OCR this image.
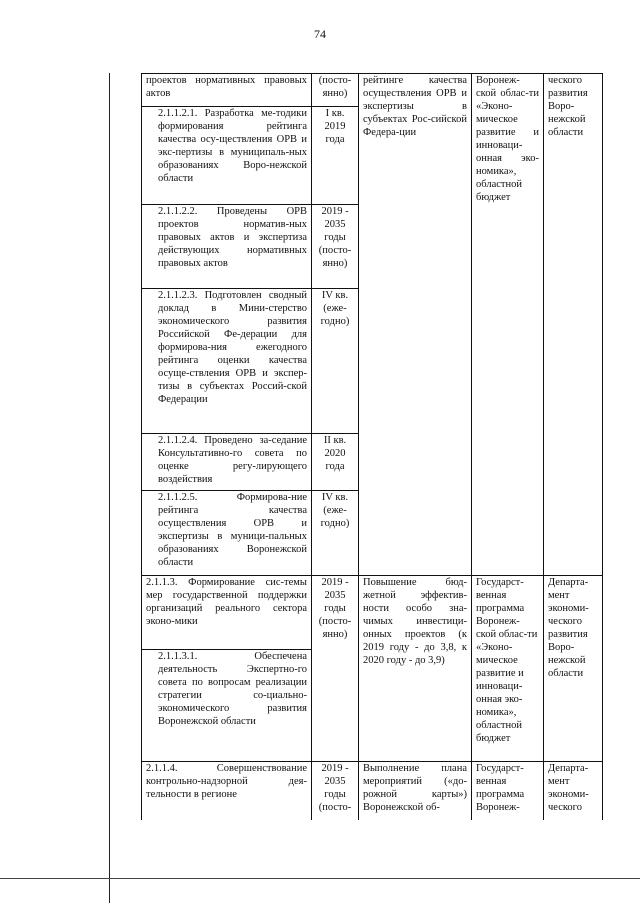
74
проектов нормативных правовых актов	(посто-янно)	рейтинге качества осуществления ОРВ и экспертизы в субъектах Рос-сийской Федера-ции	Воронеж-ской облас-ти «Эконо-мическое развитие и инноваци-онная эко-номика», областной бюджет	ческого развития Воро-нежской области

2.1.1.2.1. Разработка ме-тодики формирования рейтинга качества осу-ществления ОРВ и экс-пертизы в муниципаль-ных образованиях Воро-нежской области	I кв. 2019 года			
2.1.1.2.2. Проведены ОРВ проектов норматив-ных правовых актов и экспертиза действующих нормативных правовых актов	2019 - 2035 годы (посто-янно)			
2.1.1.2.3. Подготовлен сводный доклад в Мини-стерство экономического развития Российской Фе-дерации для формирова-ния ежегодного рейтинга оценки качества осуще-ствления ОРВ и экспер-тизы в субъектах Россий-ской Федерации	IV кв. (еже-годно)			
2.1.1.2.4. Проведено за-седание Консультативно-го совета по оценке регу-лирующего воздействия	II кв. 2020 года			
2.1.1.2.5. Формирова-ние рейтинга качества осуществления ОРВ и экспертизы в муници-пальных образованиях Воронежской области	IV кв. (еже-годно)			
2.1.1.3. Формирование сис-темы мер государственной поддержки организаций реального сектора эконо-мики	2019 - 2035 годы (посто-янно)	Повышение бюд-жетной эффектив-ности особо зна-чимых инвестици-онных проектов (к 2019 году - до 3,8, к 2020 году - до 3,9)	Государст-венная программа Воронеж-ской облас-ти «Эконо-мическое развитие и инноваци-онная эко-номика», областной бюджет	Департа-мент экономи-ческого развития Воро-нежской области

2.1.1.3.1. Обеспечена деятельность Экспертно-го совета по вопросам реализации стратегии со-циально-экономического развития Воронежской области				
2.1.1.4. Совершенствование контрольно-надзорной дея-тельности в регионе	2019 - 2035 годы (посто-	Выполнение плана мероприятий («до-рожной карты») Воронежской об-	Государст-венная программа Воронеж-	Департа-мент экономи-ческого
